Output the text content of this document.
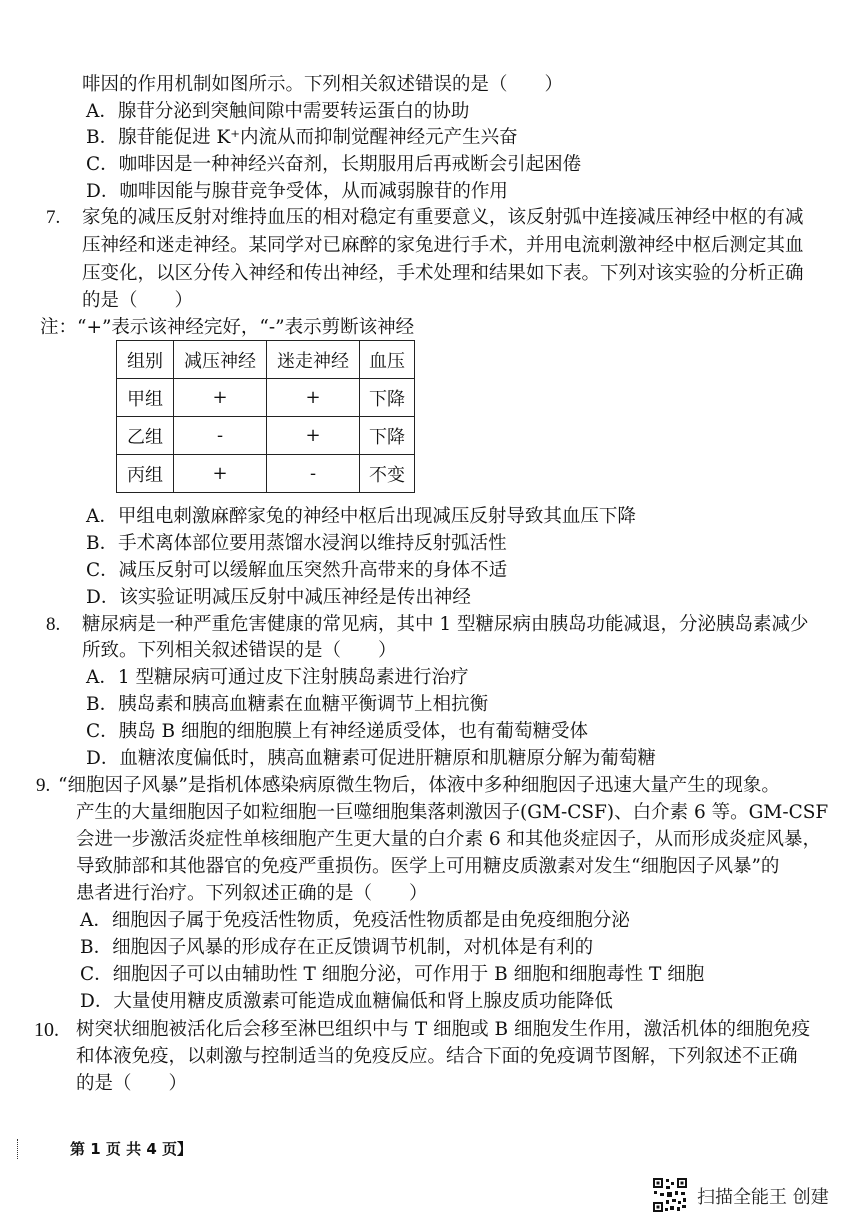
啡因的作用机制如图所示。下列相关叙述错误的是（　　）
A．腺苷分泌到突触间隙中需要转运蛋白的协助
B．腺苷能促进 K⁺内流从而抑制觉醒神经元产生兴奋
C．咖啡因是一种神经兴奋剂，长期服用后再戒断会引起困倦
D．咖啡因能与腺苷竞争受体，从而减弱腺苷的作用
7. 家兔的减压反射对维持血压的相对稳定有重要意义，该反射弧中连接减压神经中枢的有减
压神经和迷走神经。某同学对已麻醉的家兔进行手术，并用电流刺激神经中枢后测定其血
压变化，以区分传入神经和传出神经，手术处理和结果如下表。下列对该实验的分析正确
的是（　　）
注：“+”表示该神经完好，“-”表示剪断该神经
组别	减压神经	迷走神经	血压
甲组	+	+	下降
乙组	-	+	下降
丙组	+	-	不变
A．甲组电刺激麻醉家兔的神经中枢后出现减压反射导致其血压下降
B．手术离体部位要用蒸馏水浸润以维持反射弧活性
C．减压反射可以缓解血压突然升高带来的身体不适
D．该实验证明减压反射中减压神经是传出神经
8. 糖尿病是一种严重危害健康的常见病，其中 1 型糖尿病由胰岛功能减退，分泌胰岛素减少
所致。下列相关叙述错误的是（　　）
A．1 型糖尿病可通过皮下注射胰岛素进行治疗
B．胰岛素和胰高血糖素在血糖平衡调节上相抗衡
C．胰岛 B 细胞的细胞膜上有神经递质受体，也有葡萄糖受体
D．血糖浓度偏低时，胰高血糖素可促进肝糖原和肌糖原分解为葡萄糖
9. “细胞因子风暴”是指机体感染病原微生物后，体液中多种细胞因子迅速大量产生的现象。
产生的大量细胞因子如粒细胞一巨噬细胞集落刺激因子(GM-CSF)、白介素 6 等。GM-CSF
会进一步激活炎症性单核细胞产生更大量的白介素 6 和其他炎症因子，从而形成炎症风暴，
导致肺部和其他器官的免疫严重损伤。医学上可用糖皮质激素对发生“细胞因子风暴”的
患者进行治疗。下列叙述正确的是（　　）
A．细胞因子属于免疫活性物质，免疫活性物质都是由免疫细胞分泌
B．细胞因子风暴的形成存在正反馈调节机制，对机体是有利的
C．细胞因子可以由辅助性 T 细胞分泌，可作用于 B 细胞和细胞毒性 T 细胞
D．大量使用糖皮质激素可能造成血糖偏低和肾上腺皮质功能降低
10. 树突状细胞被活化后会移至淋巴组织中与 T 细胞或 B 细胞发生作用，激活机体的细胞免疫
和体液免疫，以刺激与控制适当的免疫反应。结合下面的免疫调节图解，下列叙述不正确
的是（　　）
第 1 页 共 4 页】
扫描全能王 创建
